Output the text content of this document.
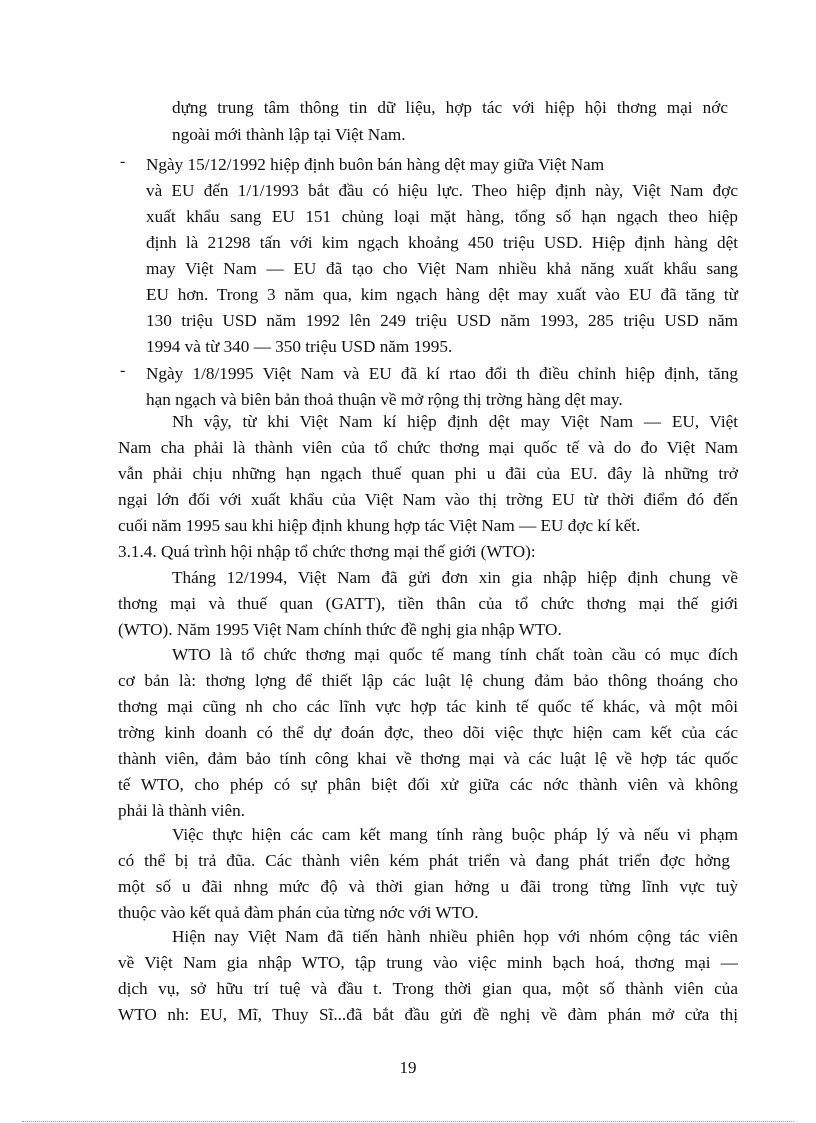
dựng trung tâm thông tin dữ liệu, hợp tác với hiệp hội thơng mại nớc
ngoài mới thành lập tại Việt Nam.
- Ngày 15/12/1992 hiệp định buôn bán hàng dệt may giữa Việt Nam
và EU đến 1/1/1993 bắt đầu có hiệu lực. Theo hiệp định này, Việt Nam đợc
xuất khẩu sang EU 151 chủng loại mặt hàng, tổng số hạn ngạch theo hiệp
định là 21298 tấn với kim ngạch khoảng 450 triệu USD. Hiệp định hàng dệt
may Việt Nam — EU đã tạo cho Việt Nam nhiều khả năng xuất khẩu sang
EU hơn. Trong 3 năm qua, kim ngạch hàng dệt may xuất vào EU đã tăng từ
130 triệu USD năm 1992 lên 249 triệu USD năm 1993, 285 triệu USD năm
1994 và từ 340 — 350 triệu USD năm 1995.
- Ngày 1/8/1995 Việt Nam và EU đã kí rtao đổi th điều chỉnh hiệp định, tăng
hạn ngạch và biên bản thoả thuận về mở rộng thị trờng hàng dệt may.
Nh vậy, từ khi Việt Nam kí hiệp định dệt may Việt Nam — EU, Việt
Nam cha phải là thành viên của tổ chức thơng mại quốc tế và do đo Việt Nam
vẫn phải chịu những hạn ngạch thuế quan phi u đãi của EU. đây là những trở
ngại lớn đối với xuất khẩu của Việt Nam vào thị trờng EU từ thời điểm đó đến
cuối năm 1995 sau khi hiệp định khung hợp tác Việt Nam — EU đợc kí kết.
3.1.4. Quá trình hội nhập tổ chức thơng mại thế giới (WTO):
Tháng 12/1994, Việt Nam đã gửi đơn xin gia nhập hiệp định chung về
thơng mại và thuế quan (GATT), tiền thân của tổ chức thơng mại thế giới
(WTO). Năm 1995 Việt Nam chính thức đề nghị gia nhập WTO.
WTO là tổ chức thơng mại quốc tế mang tính chất toàn cầu có mục đích
cơ bản là: thơng lợng để thiết lập các luật lệ chung đảm bảo thông thoáng cho
thơng mại cũng nh cho các lĩnh vực hợp tác kinh tế quốc tế khác, và một môi
trờng kinh doanh có thể dự đoán đợc, theo dõi việc thực hiện cam kết của các
thành viên, đảm bảo tính công khai về thơng mại và các luật lệ về hợp tác quốc
tế WTO, cho phép có sự phân biệt đối xử giữa các nớc thành viên và không
phải là thành viên.
Việc thực hiện các cam kết mang tính ràng buộc pháp lý và nếu vi phạm
có thể bị trả đũa. Các thành viên kém phát triển và đang phát triển đợc hởng
một số u đãi nhng mức độ và thời gian hởng u đãi trong từng lĩnh vực tuỳ
thuộc vào kết quả đàm phán của từng nớc với WTO.
Hiện nay Việt Nam đã tiến hành nhiều phiên họp với nhóm cộng tác viên
về Việt Nam gia nhập WTO, tập trung vào việc minh bạch hoá, thơng mại —
dịch vụ, sở hữu trí tuệ và đầu t. Trong thời gian qua, một số thành viên của
WTO nh: EU, Mĩ, Thuy Sĩ...đã bắt đầu gửi đề nghị về đàm phán mở cửa thị
19
